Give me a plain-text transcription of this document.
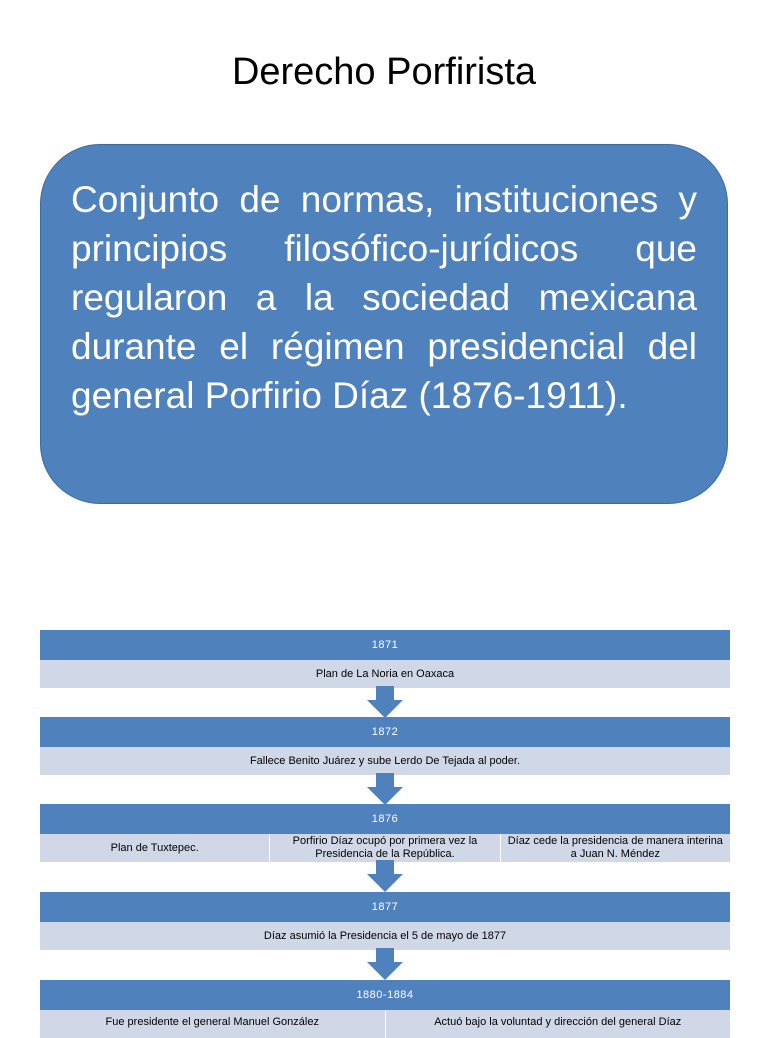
Derecho Porfirista
Conjunto de normas, instituciones y principios filosófico-jurídicos que regularon a la sociedad mexicana durante el régimen presidencial del general Porfirio Díaz (1876-1911).
1871
Plan de La Noria en Oaxaca
1872
Fallece Benito Juárez y sube Lerdo De Tejada al poder.
1876
Plan de Tuxtepec.
Porfirio Díaz ocupó por primera vez la Presidencia de la República.
Díaz cede la presidencia de manera interina a Juan N. Méndez
1877
Díaz asumió la Presidencia el 5 de mayo de 1877
1880-1884
Fue presidente el general Manuel González	Actuó bajo la voluntad y dirección del general Díaz
